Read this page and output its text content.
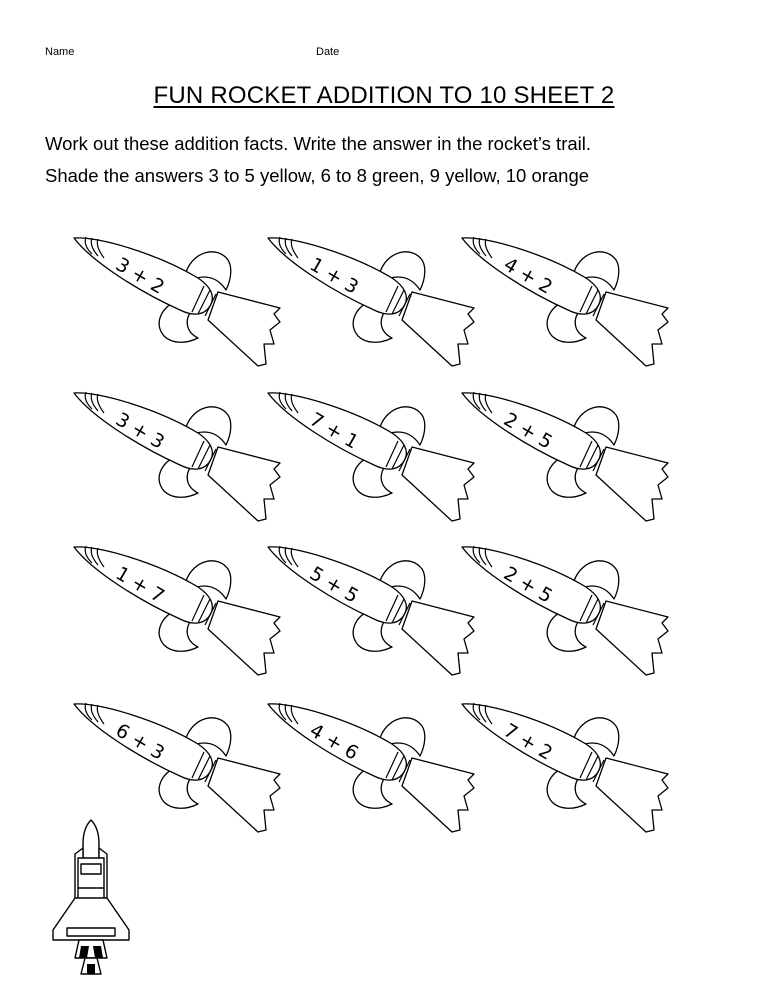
Name	Date
FUN ROCKET ADDITION TO 10 SHEET 2
Work out these addition facts. Write the answer in the rocket’s trail.
Shade the answers 3 to 5 yellow, 6 to 8 green, 9 yellow, 10 orange
3 + 2	1 + 3	4 + 2
3 + 3	7 + 1	2 + 5
1 + 7	5 + 5	2 + 5
6 + 3	4 + 6	7 + 2
